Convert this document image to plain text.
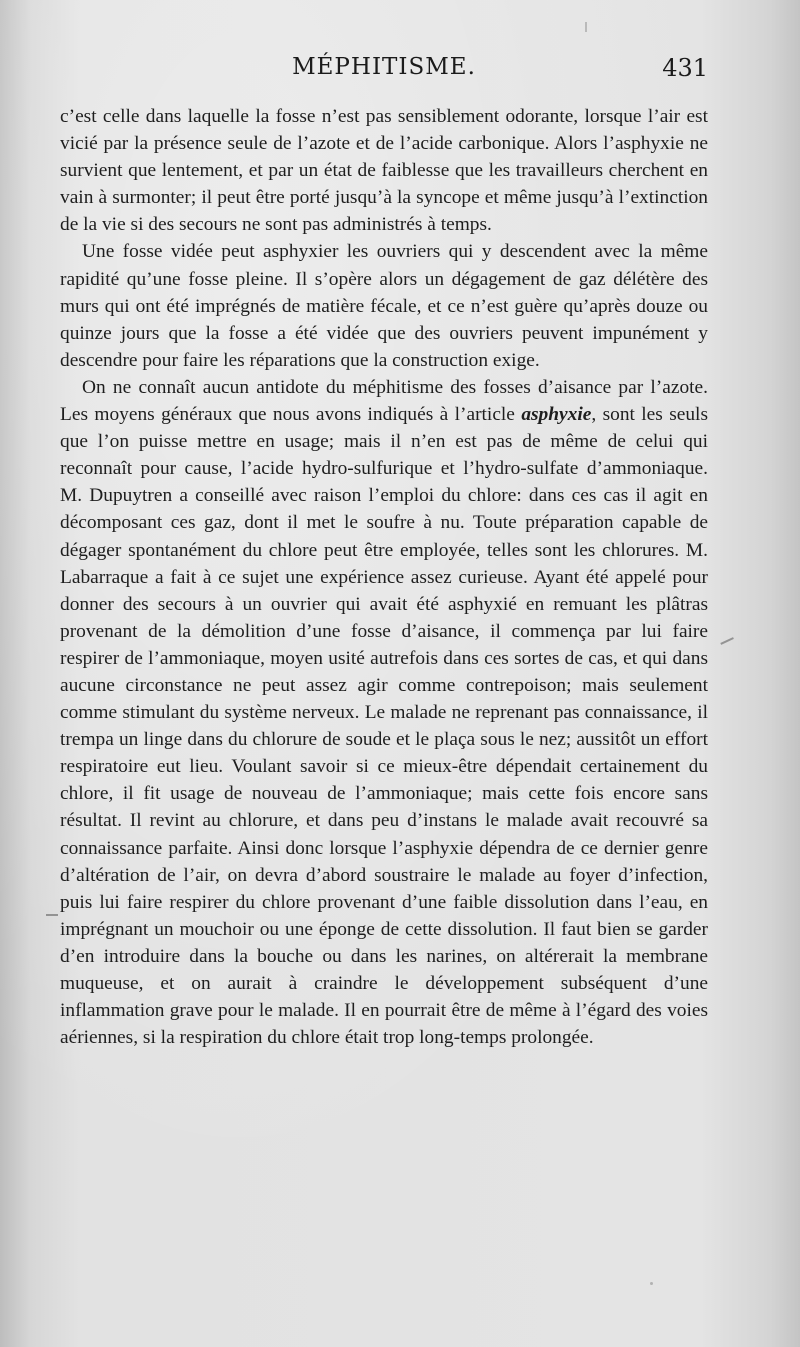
MÉPHITISME.	431

c’est celle dans laquelle la fosse n’est pas sensiblement odorante, lorsque l’air est vicié par la présence seule de l’azote et de l’acide carbonique. Alors l’asphyxie ne survient que lentement, et par un état de faiblesse que les travailleurs cherchent en vain à surmonter; il peut être porté jusqu’à la syncope et même jusqu’à l’extinction de la vie si des secours ne sont pas administrés à temps.

Une fosse vidée peut asphyxier les ouvriers qui y descendent avec la même rapidité qu’une fosse pleine. Il s’opère alors un dégagement de gaz délétère des murs qui ont été imprégnés de matière fécale, et ce n’est guère qu’après douze ou quinze jours que la fosse a été vidée que des ouvriers peuvent impunément y descendre pour faire les réparations que la construction exige.

On ne connaît aucun antidote du méphitisme des fosses d’aisance par l’azote. Les moyens généraux que nous avons indiqués à l’article asphyxie, sont les seuls que l’on puisse mettre en usage; mais il n’en est pas de même de celui qui reconnaît pour cause, l’acide hydro-sulfurique et l’hydro-sulfate d’ammoniaque. M. Dupuytren a conseillé avec raison l’emploi du chlore: dans ces cas il agit en décomposant ces gaz, dont il met le soufre à nu. Toute préparation capable de dégager spontanément du chlore peut être employée, telles sont les chlorures. M. Labarraque a fait à ce sujet une expérience assez curieuse. Ayant été appelé pour donner des secours à un ouvrier qui avait été asphyxié en remuant les plâtras provenant de la démolition d’une fosse d’aisance, il commença par lui faire respirer de l’ammoniaque, moyen usité autrefois dans ces sortes de cas, et qui dans aucune circonstance ne peut assez agir comme contrepoison; mais seulement comme stimulant du système nerveux. Le malade ne reprenant pas connaissance, il trempa un linge dans du chlorure de soude et le plaça sous le nez; aussitôt un effort respiratoire eut lieu. Voulant savoir si ce mieux-être dépendait certainement du chlore, il fit usage de nouveau de l’ammoniaque; mais cette fois encore sans résultat. Il revint au chlorure, et dans peu d’instans le malade avait recouvré sa connaissance parfaite. Ainsi donc lorsque l’asphyxie dépendra de ce dernier genre d’altération de l’air, on devra d’abord soustraire le malade au foyer d’infection, puis lui faire respirer du chlore provenant d’une faible dissolution dans l’eau, en imprégnant un mouchoir ou une éponge de cette dissolution. Il faut bien se garder d’en introduire dans la bouche ou dans les narines, on altérerait la membrane muqueuse, et on aurait à craindre le développement subséquent d’une inflammation grave pour le malade. Il en pourrait être de même à l’égard des voies aériennes, si la respiration du chlore était trop long-temps prolongée.
